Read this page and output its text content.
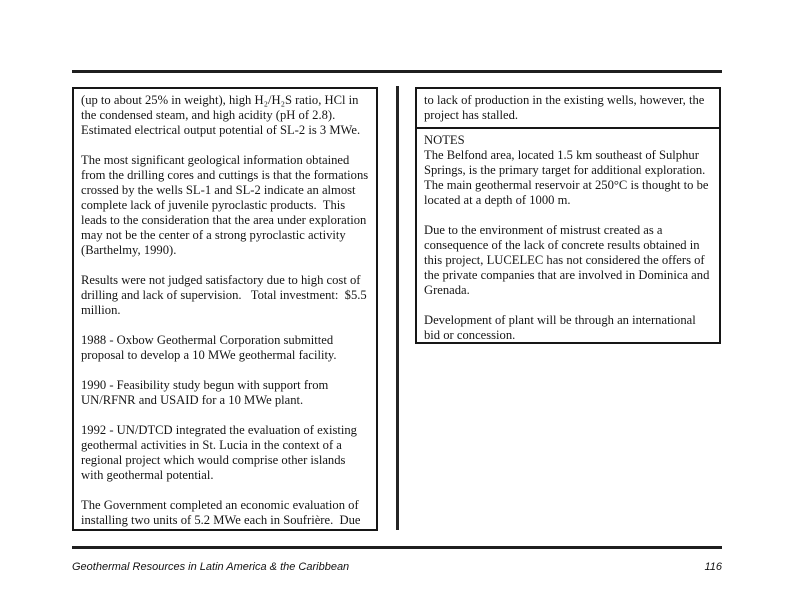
(up to about 25% in weight), high H₂/H₂S ratio, HCl in the condensed steam, and high acidity (pH of 2.8). Estimated electrical output potential of SL-2 is 3 MWe.

The most significant geological information obtained from the drilling cores and cuttings is that the formations crossed by the wells SL-1 and SL-2 indicate an almost complete lack of juvenile pyroclastic products.  This leads to the consideration that the area under exploration may not be the center of a strong pyroclastic activity (Barthelmy, 1990).

Results were not judged satisfactory due to high cost of drilling and lack of supervision.   Total investment:  $5.5 million.

1988 - Oxbow Geothermal Corporation submitted proposal to develop a 10 MWe geothermal facility.

1990 - Feasibility study begun with support from UN/RFNR and USAID for a 10 MWe plant.

1992 - UN/DTCD integrated the evaluation of existing geothermal activities in St. Lucia in the context of a regional project which would comprise other islands with geothermal potential.

The Government completed an economic evaluation of installing two units of 5.2 MWe each in Soufrière.  Due

to lack of production in the existing wells, however, the project has stalled.

NOTES

The Belfond area, located 1.5 km southeast of Sulphur Springs, is the primary target for additional exploration. The main geothermal reservoir at 250°C is thought to be located at a depth of 1000 m.

Due to the environment of mistrust created as a consequence of the lack of concrete results obtained in this project, LUCELEC has not considered the offers of the private companies that are involved in Dominica and Grenada.

Development of plant will be through an international bid or concession.

Geothermal Resources in Latin America & the Caribbean	116
